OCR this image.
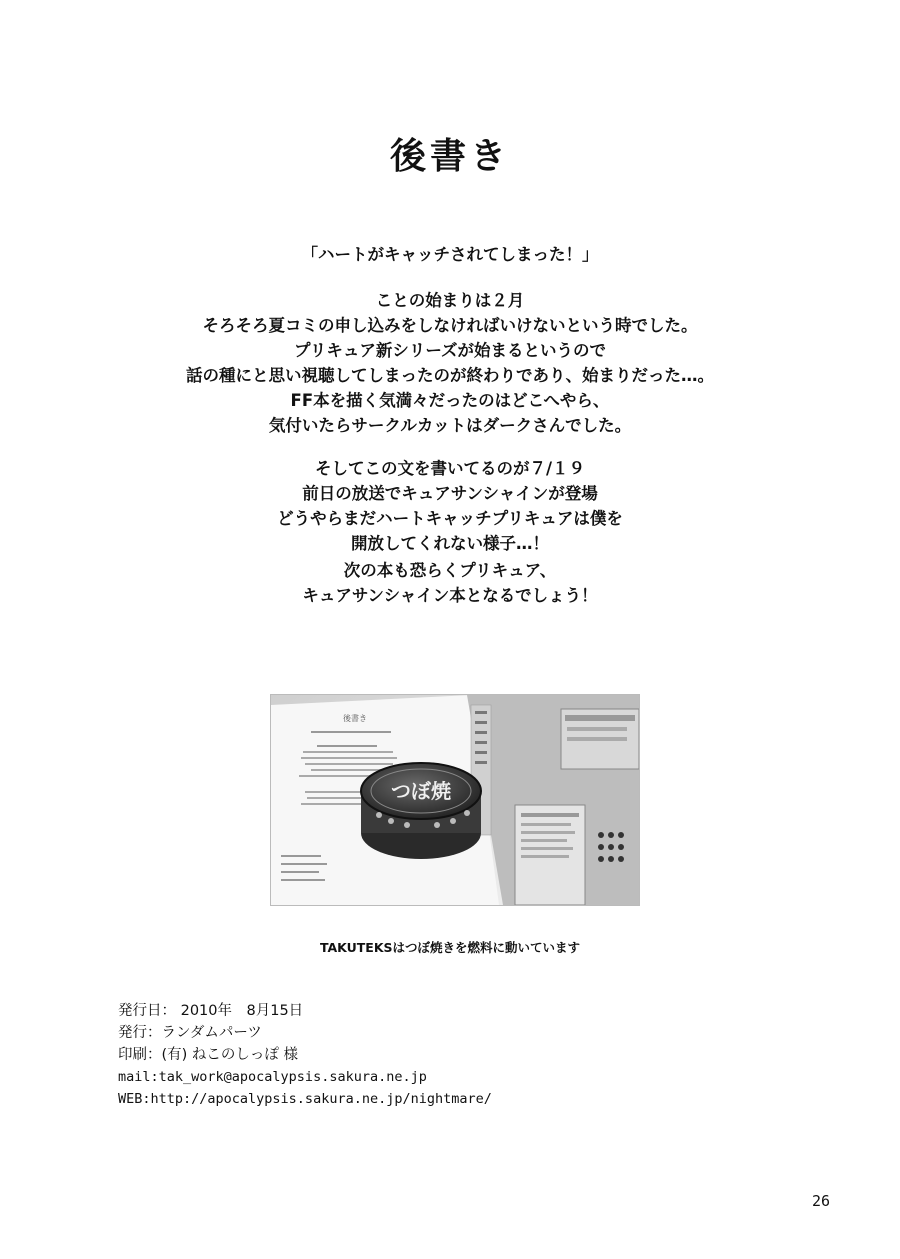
後書き
「ハートがキャッチされてしまった！」
ことの始まりは２月
そろそろ夏コミの申し込みをしなければいけないという時でした。
プリキュア新シリーズが始まるというので
話の種にと思い視聴してしまったのが終わりであり、始まりだった…。
FF本を描く気満々だったのはどこへやら、
気付いたらサークルカットはダークさんでした。
そしてこの文を書いてるのが７/１９
前日の放送でキュアサンシャインが登場
どうやらまだハートキャッチプリキュアは僕を
開放してくれない様子…！
次の本も恐らくプリキュア、
キュアサンシャイン本となるでしょう！
後書き
つぼ焼
TAKUTEKSはつぼ焼きを燃料に動いています
発行日： 2010年　8月15日
発行：ランダムパーツ
印刷：(有) ねこのしっぽ 様
mail:tak_work@apocalypsis.sakura.ne.jp
WEB:http://apocalypsis.sakura.ne.jp/nightmare/
26
